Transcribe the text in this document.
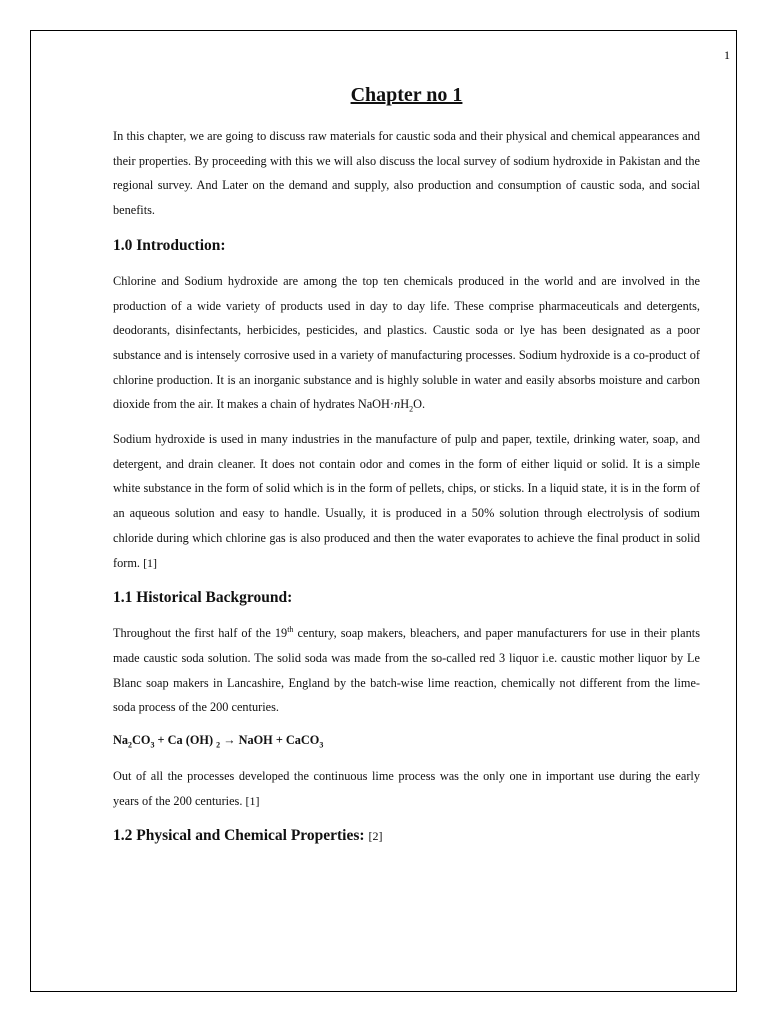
1
Chapter no 1

In this chapter, we are going to discuss raw materials for caustic soda and their physical and chemical appearances and their properties. By proceeding with this we will also discuss the local survey of sodium hydroxide in Pakistan and the regional survey. And Later on the demand and supply, also production and consumption of caustic soda, and social benefits.

1.0 Introduction:

Chlorine and Sodium hydroxide are among the top ten chemicals produced in the world and are involved in the production of a wide variety of products used in day to day life. These comprise pharmaceuticals and detergents, deodorants, disinfectants, herbicides, pesticides, and plastics. Caustic soda or lye has been designated as a poor substance and is intensely corrosive used in a variety of manufacturing processes. Sodium hydroxide is a co-product of chlorine production. It is an inorganic substance and is highly soluble in water and easily absorbs moisture and carbon dioxide from the air. It makes a chain of hydrates $NaOH\cdot nH_2O$.

Sodium hydroxide is used in many industries in the manufacture of pulp and paper, textile, drinking water, soap, and detergent, and drain cleaner. It does not contain odor and comes in the form of either liquid or solid. It is a simple white substance in the form of solid which is in the form of pellets, chips, or sticks. In a liquid state, it is in the form of an aqueous solution and easy to handle. Usually, it is produced in a 50% solution through electrolysis of sodium chloride during which chlorine gas is also produced and then the water evaporates to achieve the final product in solid form. [1]

1.1 Historical Background:

Throughout the first half of the 19th century, soap makers, bleachers, and paper manufacturers for use in their plants made caustic soda solution. The solid soda was made from the so-called red 3 liquor i.e. caustic mother liquor by Le Blanc soap makers in Lancashire, England by the batch-wise lime reaction, chemically not different from the lime-soda process of the 200 centuries.

$Na_2CO_3 + Ca$ (OH) $_2$ → NaOH + CaCO$_3$

Out of all the processes developed the continuous lime process was the only one in important use during the early years of the 200 centuries. [1]

1.2 Physical and Chemical Properties: [2]
